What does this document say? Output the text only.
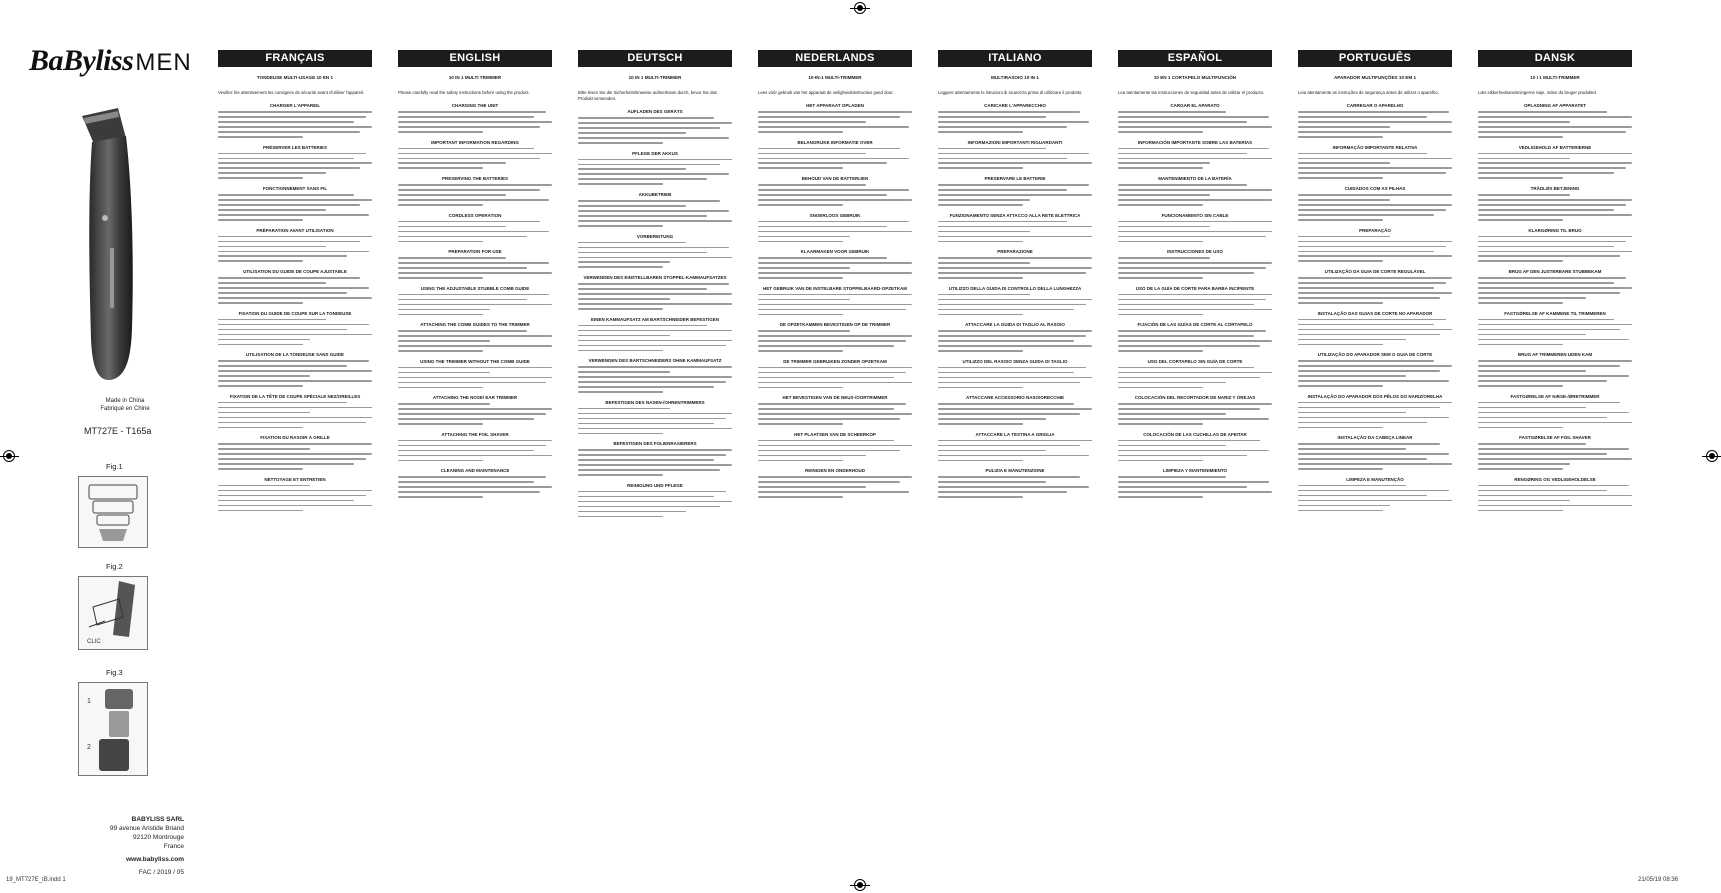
BaBylissMEN
Made in China
Fabriqué en Chine
MT727E - T165a
Fig.1
Fig.2
CLIC
Fig.3
1
2
BABYLISS SARL
99 avenue Aristide Briand
92120 Montrouge
France
www.babyliss.com
FAC / 2019 / 05
FRANÇAIS
TONDEUSE MULTI-USAGE 10 EN 1
Veuillez lire attentivement les consignes de sécurité avant d'utiliser l'appareil.
CHARGER L'APPAREIL
PRÉSERVER LES BATTERIES
FONCTIONNEMENT SANS FIL
PRÉPARATION AVANT UTILISATION
UTILISATION DU GUIDE DE COUPE AJUSTABLE
FIXATION DU GUIDE DE COUPE SUR LA TONDEUSE
UTILISATION DE LA TONDEUSE SANS GUIDE
FIXATION DE LA TÊTE DE COUPE SPÉCIALE NEZ/OREILLES
FIXATION DU RASOIR À GRILLE
NETTOYAGE ET ENTRETIEN
ENGLISH
10 IN 1 MULTI TRIMMER
Please carefully read the safety instructions before using the product.
CHARGING THE UNIT
IMPORTANT INFORMATION REGARDING
PRESERVING THE BATTERIES
CORDLESS OPERATION
PREPARATION FOR USE
USING THE ADJUSTABLE STUBBLE COMB GUIDE
ATTACHING THE COMB GUIDES TO THE TRIMMER
USING THE TRIMMER WITHOUT THE COMB GUIDE
ATTACHING THE NOSE/ EAR TRIMMER
ATTACHING THE FOIL SHAVER
CLEANING AND MAINTENANCE
DEUTSCH
10 IN 1 MULTI-TRIMMER
Bitte lesen Sie die Sicherheitshinweise aufmerksam durch, bevor Sie das Produkt verwenden.
AUFLADEN DES GERÄTS
PFLEGE DER AKKUS
AKKUBETRIEB
VORBEREITUNG
VERWENDEN DES EINSTELLBAREN STOPPEL-KAMMAUFSATZES
EINEN KAMMAUFSATZ AM BARTSCHNEIDER BEFESTIGEN
VERWENDEN DES BARTSCHNEIDERS OHNE KAMMAUFSATZ
BEFESTIGEN DES NASEN-/OHRENTRIMMERS
BEFESTIGEN DES FOLIENRASIERERS
REINIGUNG UND PFLEGE
NEDERLANDS
10-IN-1 MULTI-TRIMMER
Lees vóór gebruik van het apparaat de veiligheidsinstructies goed door.
HET APPARAAT OPLADEN
BELANGRIJKE INFORMATIE OVER
BEHOUD VAN DE BATTERIJEN
SNOERLOOS GEBRUIK
KLAARMAKEN VOOR GEBRUIK
HET GEBRUIK VAN DE INSTELBARE STOPPELBAARD-OPZETKAM
DE OPZETKAMMEN BEVESTIGEN OP DE TRIMMER
DE TRIMMER GEBRUIKEN ZONDER OPZETKAM
HET BEVESTIGEN VAN DE NEUS-/OORTRIMMER
HET PLAATSEN VAN DE SCHEERKOP
REINIGEN EN ONDERHOUD
ITALIANO
MULTIRASOIO 10 IN 1
Leggere attentamente le istruzioni di sicurezza prima di utilizzare il prodotto.
CARICARE L'APPARECCHIO
INFORMAZIONI IMPORTANTI RIGUARDANTI
PRESERVARE LE BATTERIE
FUNZIONAMENTO SENZA ATTACCO ALLA RETE ELETTRICA
PREPARAZIONE
UTILIZZO DELLA GUIDA DI CONTROLLO DELLA LUNGHEZZA
ATTACCARE LA GUIDA DI TAGLIO AL RASOIO
UTILIZZO DEL RASOIO SENZA GUIDA DI TAGLIO
ATTACCARE ACCESSORIO NASO/ORECCHIE
ATTACCARE LA TESTINA A GRIGLIA
PULIZIA E MANUTENZIONE
ESPAÑOL
10 EN 1 CORTAPELO MULTIFUNCIÓN
Lea atentamente las instrucciones de seguridad antes de utilizar el producto.
CARGAR EL APARATO
INFORMACIÓN IMPORTANTE SOBRE LAS BATERÍAS
MANTENIMIENTO DE LA BATERÍA
FUNCIONAMIENTO SIN CABLE
INSTRUCCIONES DE USO
USO DE LA GUÍA DE CORTE PARA BARBA INCIPIENTE
FIJACIÓN DE LAS GUÍAS DE CORTE AL CORTAPELO
USO DEL CORTAPELO SIN GUÍA DE CORTE
COLOCACIÓN DEL RECORTADOR DE NARIZ Y OREJAS
COLOCACIÓN DE LAS CUCHILLAS DE AFEITAR
LIMPIEZA Y MANTENIMIENTO
PORTUGUÊS
APARADOR MULTIFUNÇÕES 10 EM 1
Leia atentamente as instruções de segurança antes de utilizar o aparelho.
CARREGAR O APARELHO
INFORMAÇÃO IMPORTANTE RELATIVA
CUIDADOS COM AS PILHAS
PREPARAÇÃO
UTILIZAÇÃO DA GUIA DE CORTE REGULÁVEL
INSTALAÇÃO DAS GUIAS DE CORTE NO APARADOR
UTILIZAÇÃO DO APARADOR SEM O GUIA DE CORTE
INSTALAÇÃO DO APARADOR DOS PÊLOS DO NARIZ/ORELHA
INSTALAÇÃO DA CABEÇA LINEAR
LIMPEZA E MANUTENÇÃO
DANSK
10 I 1 MULTI-TRIMMER
Læs sikkerhedsanvisningerne nøje, inden du bruger produktet.
OPLADNING AF APPARATET
VEDLIGEHOLD AF BATTERIERNE
TRÅDLØS BETJENING
KLARGØRING TIL BRUG
BRUG AF DEN JUSTERBARE STUBBEKAM
FASTGØRELSE AF KAMMENE TIL TRIMMEREN
BRUG AF TRIMMEREN UDEN KAM
FASTGØRELSE AF NÆSE-/ØRETRIMMER
FASTGØRELSE AF FOIL SHAVER
RENGØRING OG VEDLIGEHOLDELSE
19_MT727E_IB.indd 1	21/05/19 08:36
